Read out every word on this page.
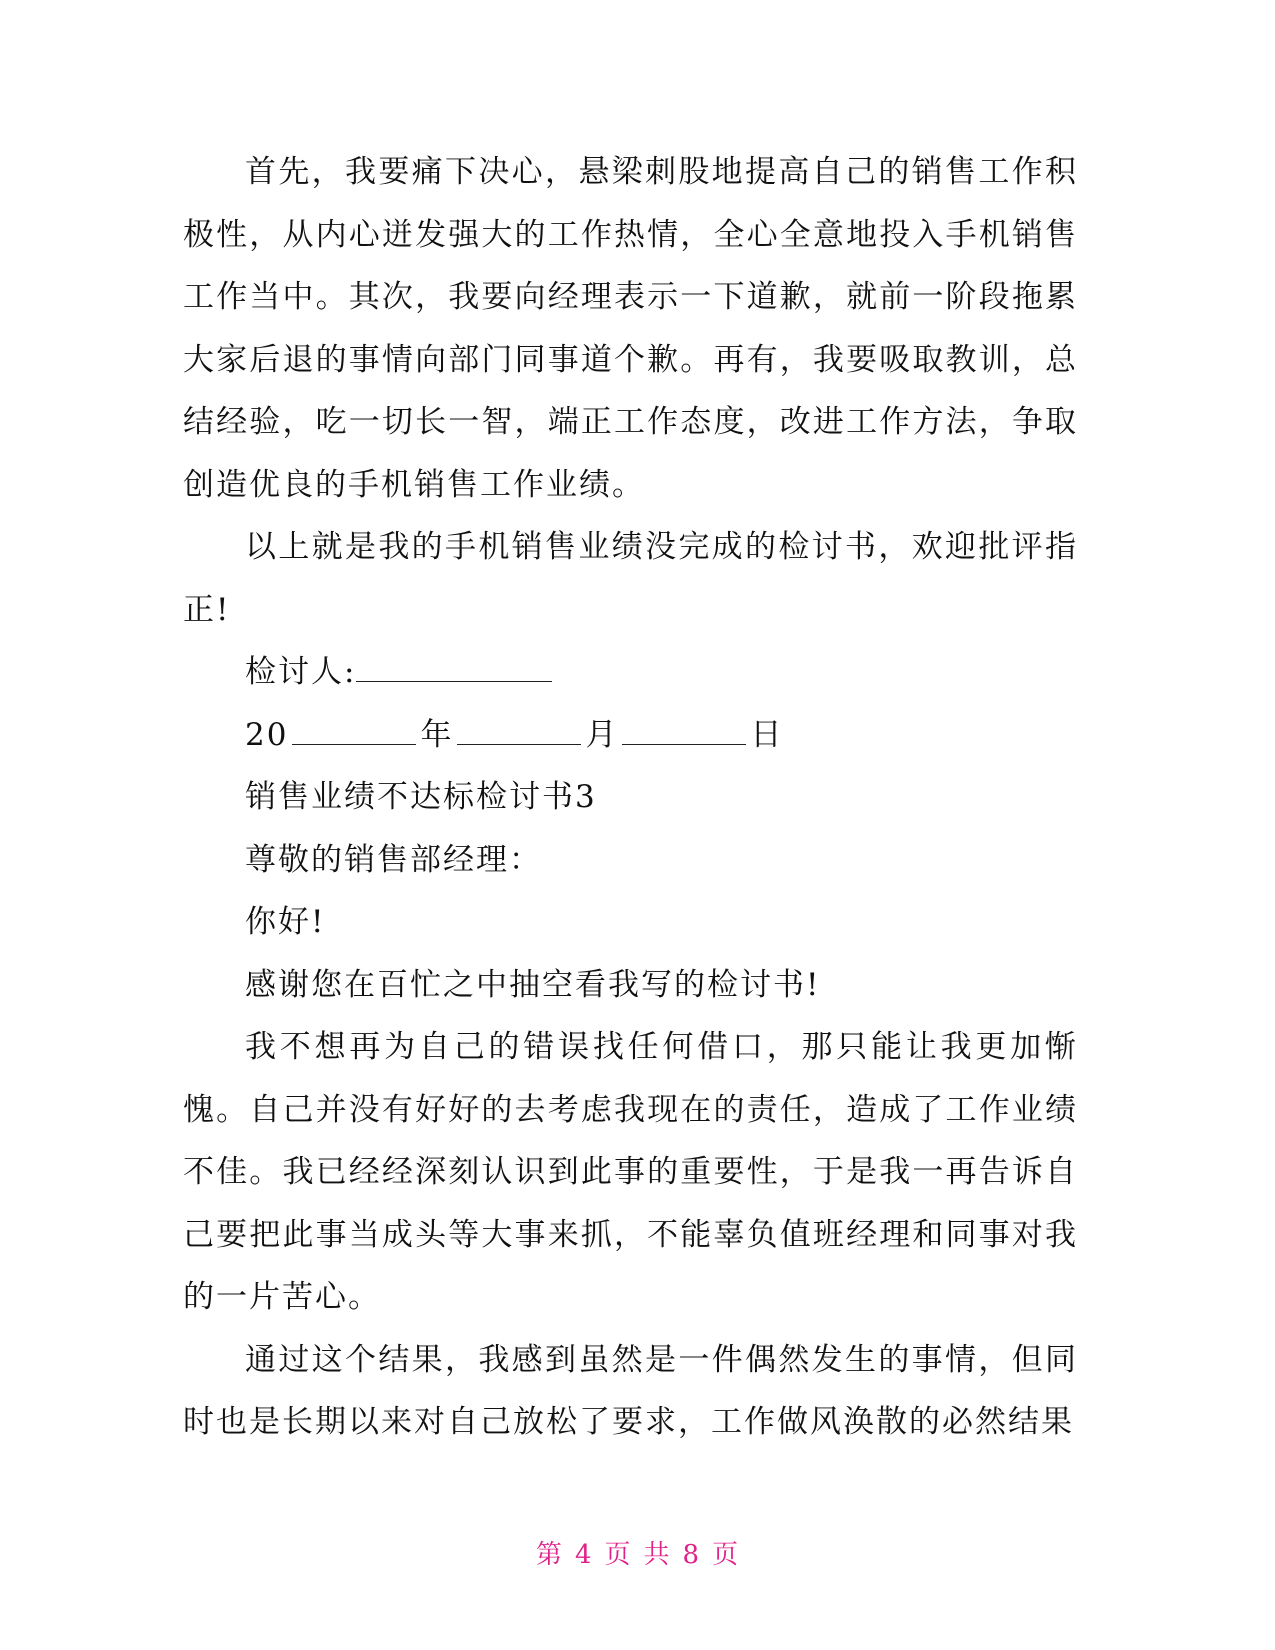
首先，我要痛下决心，悬梁刺股地提高自己的销售工作积极性，从内心迸发强大的工作热情，全心全意地投入手机销售工作当中。其次，我要向经理表示一下道歉，就前一阶段拖累大家后退的事情向部门同事道个歉。再有，我要吸取教训，总结经验，吃一切长一智，端正工作态度，改进工作方法，争取创造优良的手机销售工作业绩。

以上就是我的手机销售业绩没完成的检讨书，欢迎批评指正!

检讨人:

20	年	月	日

销售业绩不达标检讨书3

尊敬的销售部经理：

你好!

感谢您在百忙之中抽空看我写的检讨书!

我不想再为自己的错误找任何借口，那只能让我更加惭愧。自己并没有好好的去考虑我现在的责任，造成了工作业绩不佳。我已经经深刻认识到此事的重要性，于是我一再告诉自己要把此事当成头等大事来抓，不能辜负值班经理和同事对我的一片苦心。

通过这个结果，我感到虽然是一件偶然发生的事情，但同时也是长期以来对自己放松了要求，工作做风涣散的必然结果

第 4 页 共 8 页
